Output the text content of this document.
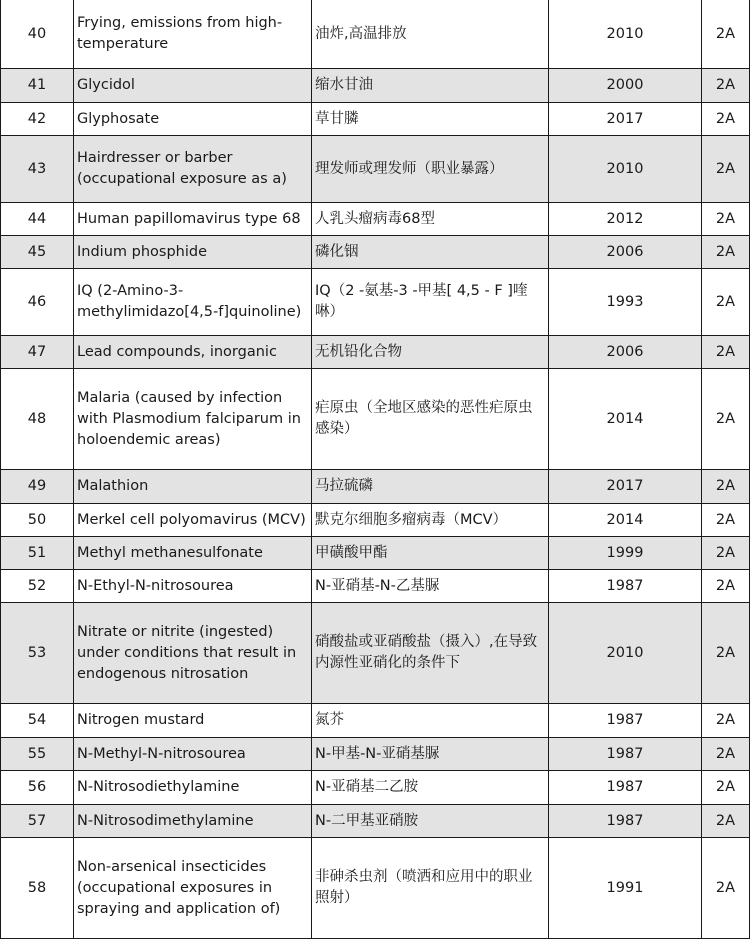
40	Frying, emissions from high-temperature	油炸,高温排放	2010	2A
41	Glycidol	缩水甘油	2000	2A
42	Glyphosate	草甘膦	2017	2A
43	Hairdresser or barber (occupational exposure as a)	理发师或理发师（职业暴露）	2010	2A
44	Human papillomavirus type 68	人乳头瘤病毒68型	2012	2A
45	Indium phosphide	磷化铟	2006	2A
46	IQ (2-Amino-3-methylimidazo[4,5-f]quinoline)	IQ（2 -氨基-3 -甲基[ 4,5 - F ]喹啉）	1993	2A
47	Lead compounds, inorganic	无机铅化合物	2006	2A
48	Malaria (caused by infection with Plasmodium falciparum in holoendemic areas)	疟原虫（全地区感染的恶性疟原虫感染）	2014	2A
49	Malathion	马拉硫磷	2017	2A
50	Merkel cell polyomavirus (MCV)	默克尔细胞多瘤病毒（MCV）	2014	2A
51	Methyl methanesulfonate	甲磺酸甲酯	1999	2A
52	N-Ethyl-N-nitrosourea	N-亚硝基-N-乙基脲	1987	2A
53	Nitrate or nitrite (ingested) under conditions that result in endogenous nitrosation	硝酸盐或亚硝酸盐（摄入）,在导致内源性亚硝化的条件下	2010	2A
54	Nitrogen mustard	氮芥	1987	2A
55	N-Methyl-N-nitrosourea	N-甲基-N-亚硝基脲	1987	2A
56	N-Nitrosodiethylamine	N-亚硝基二乙胺	1987	2A
57	N-Nitrosodimethylamine	N-二甲基亚硝胺	1987	2A
58	Non-arsenical insecticides (occupational exposures in spraying and application of)	非砷杀虫剂（喷洒和应用中的职业照射）	1991	2A
